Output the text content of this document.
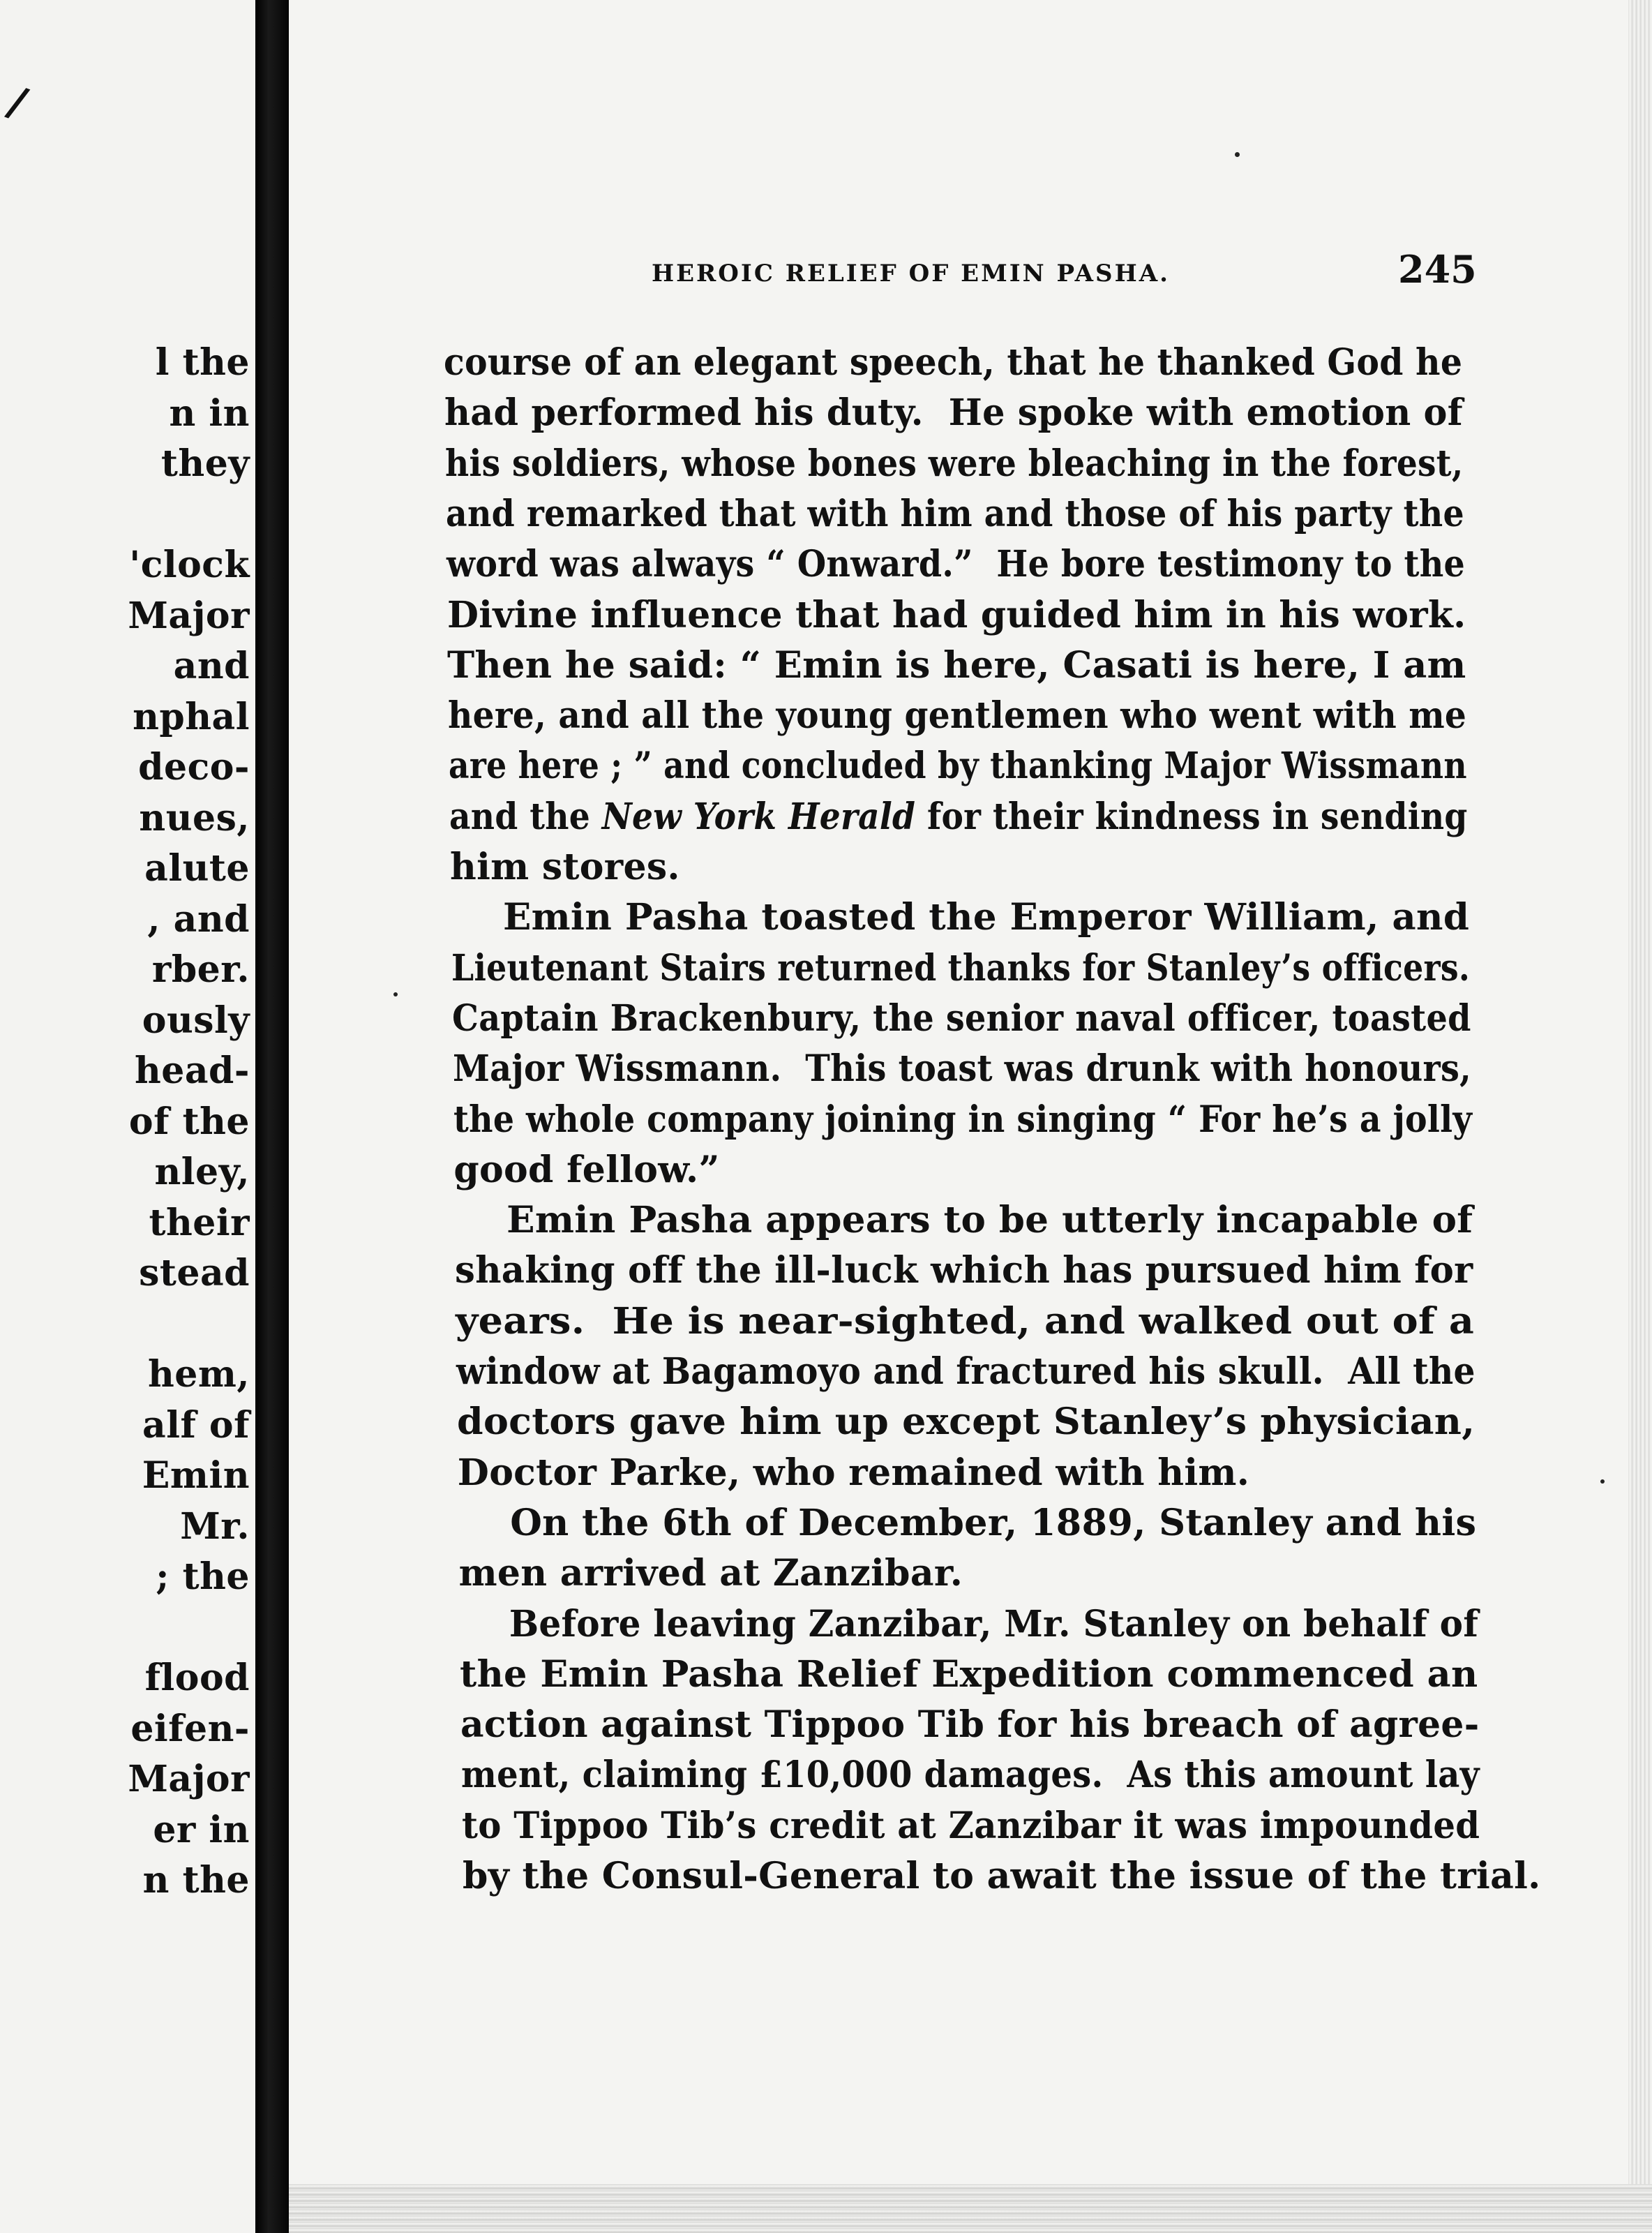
/
l the
n in
they
'clock
Major
and
nphal
deco-
nues,
alute
, and
rber.
ously
head-
of the
nley,
their
stead
hem,
alf of
Emin
Mr.
; the
flood
eifen-
Major
er in
n the
HEROIC RELIEF OF EMIN PASHA.	245
course of an elegant speech, that he thanked God he
had performed his duty.  He spoke with emotion of
his soldiers, whose bones were bleaching in the forest,
and remarked that with him and those of his party the
word was always “ Onward.”  He bore testimony to the
Divine influence that had guided him in his work.
Then he said: “ Emin is here, Casati is here, I am
here, and all the young gentlemen who went with me
are here ; ” and concluded by thanking Major Wissmann
and the New York Herald for their kindness in sending
him stores.
Emin Pasha toasted the Emperor William, and
Lieutenant Stairs returned thanks for Stanley’s officers.
Captain Brackenbury, the senior naval officer, toasted
Major Wissmann.  This toast was drunk with honours,
the whole company joining in singing “ For he’s a jolly
good fellow.”
Emin Pasha appears to be utterly incapable of
shaking off the ill-luck which has pursued him for
years.  He is near-sighted, and walked out of a
window at Bagamoyo and fractured his skull.  All the
doctors gave him up except Stanley’s physician,
Doctor Parke, who remained with him.
On the 6th of December, 1889, Stanley and his
men arrived at Zanzibar.
Before leaving Zanzibar, Mr. Stanley on behalf of
the Emin Pasha Relief Expedition commenced an
action against Tippoo Tib for his breach of agree-
ment, claiming £10,000 damages.  As this amount lay
to Tippoo Tib’s credit at Zanzibar it was impounded
by the Consul-General to await the issue of the trial.
